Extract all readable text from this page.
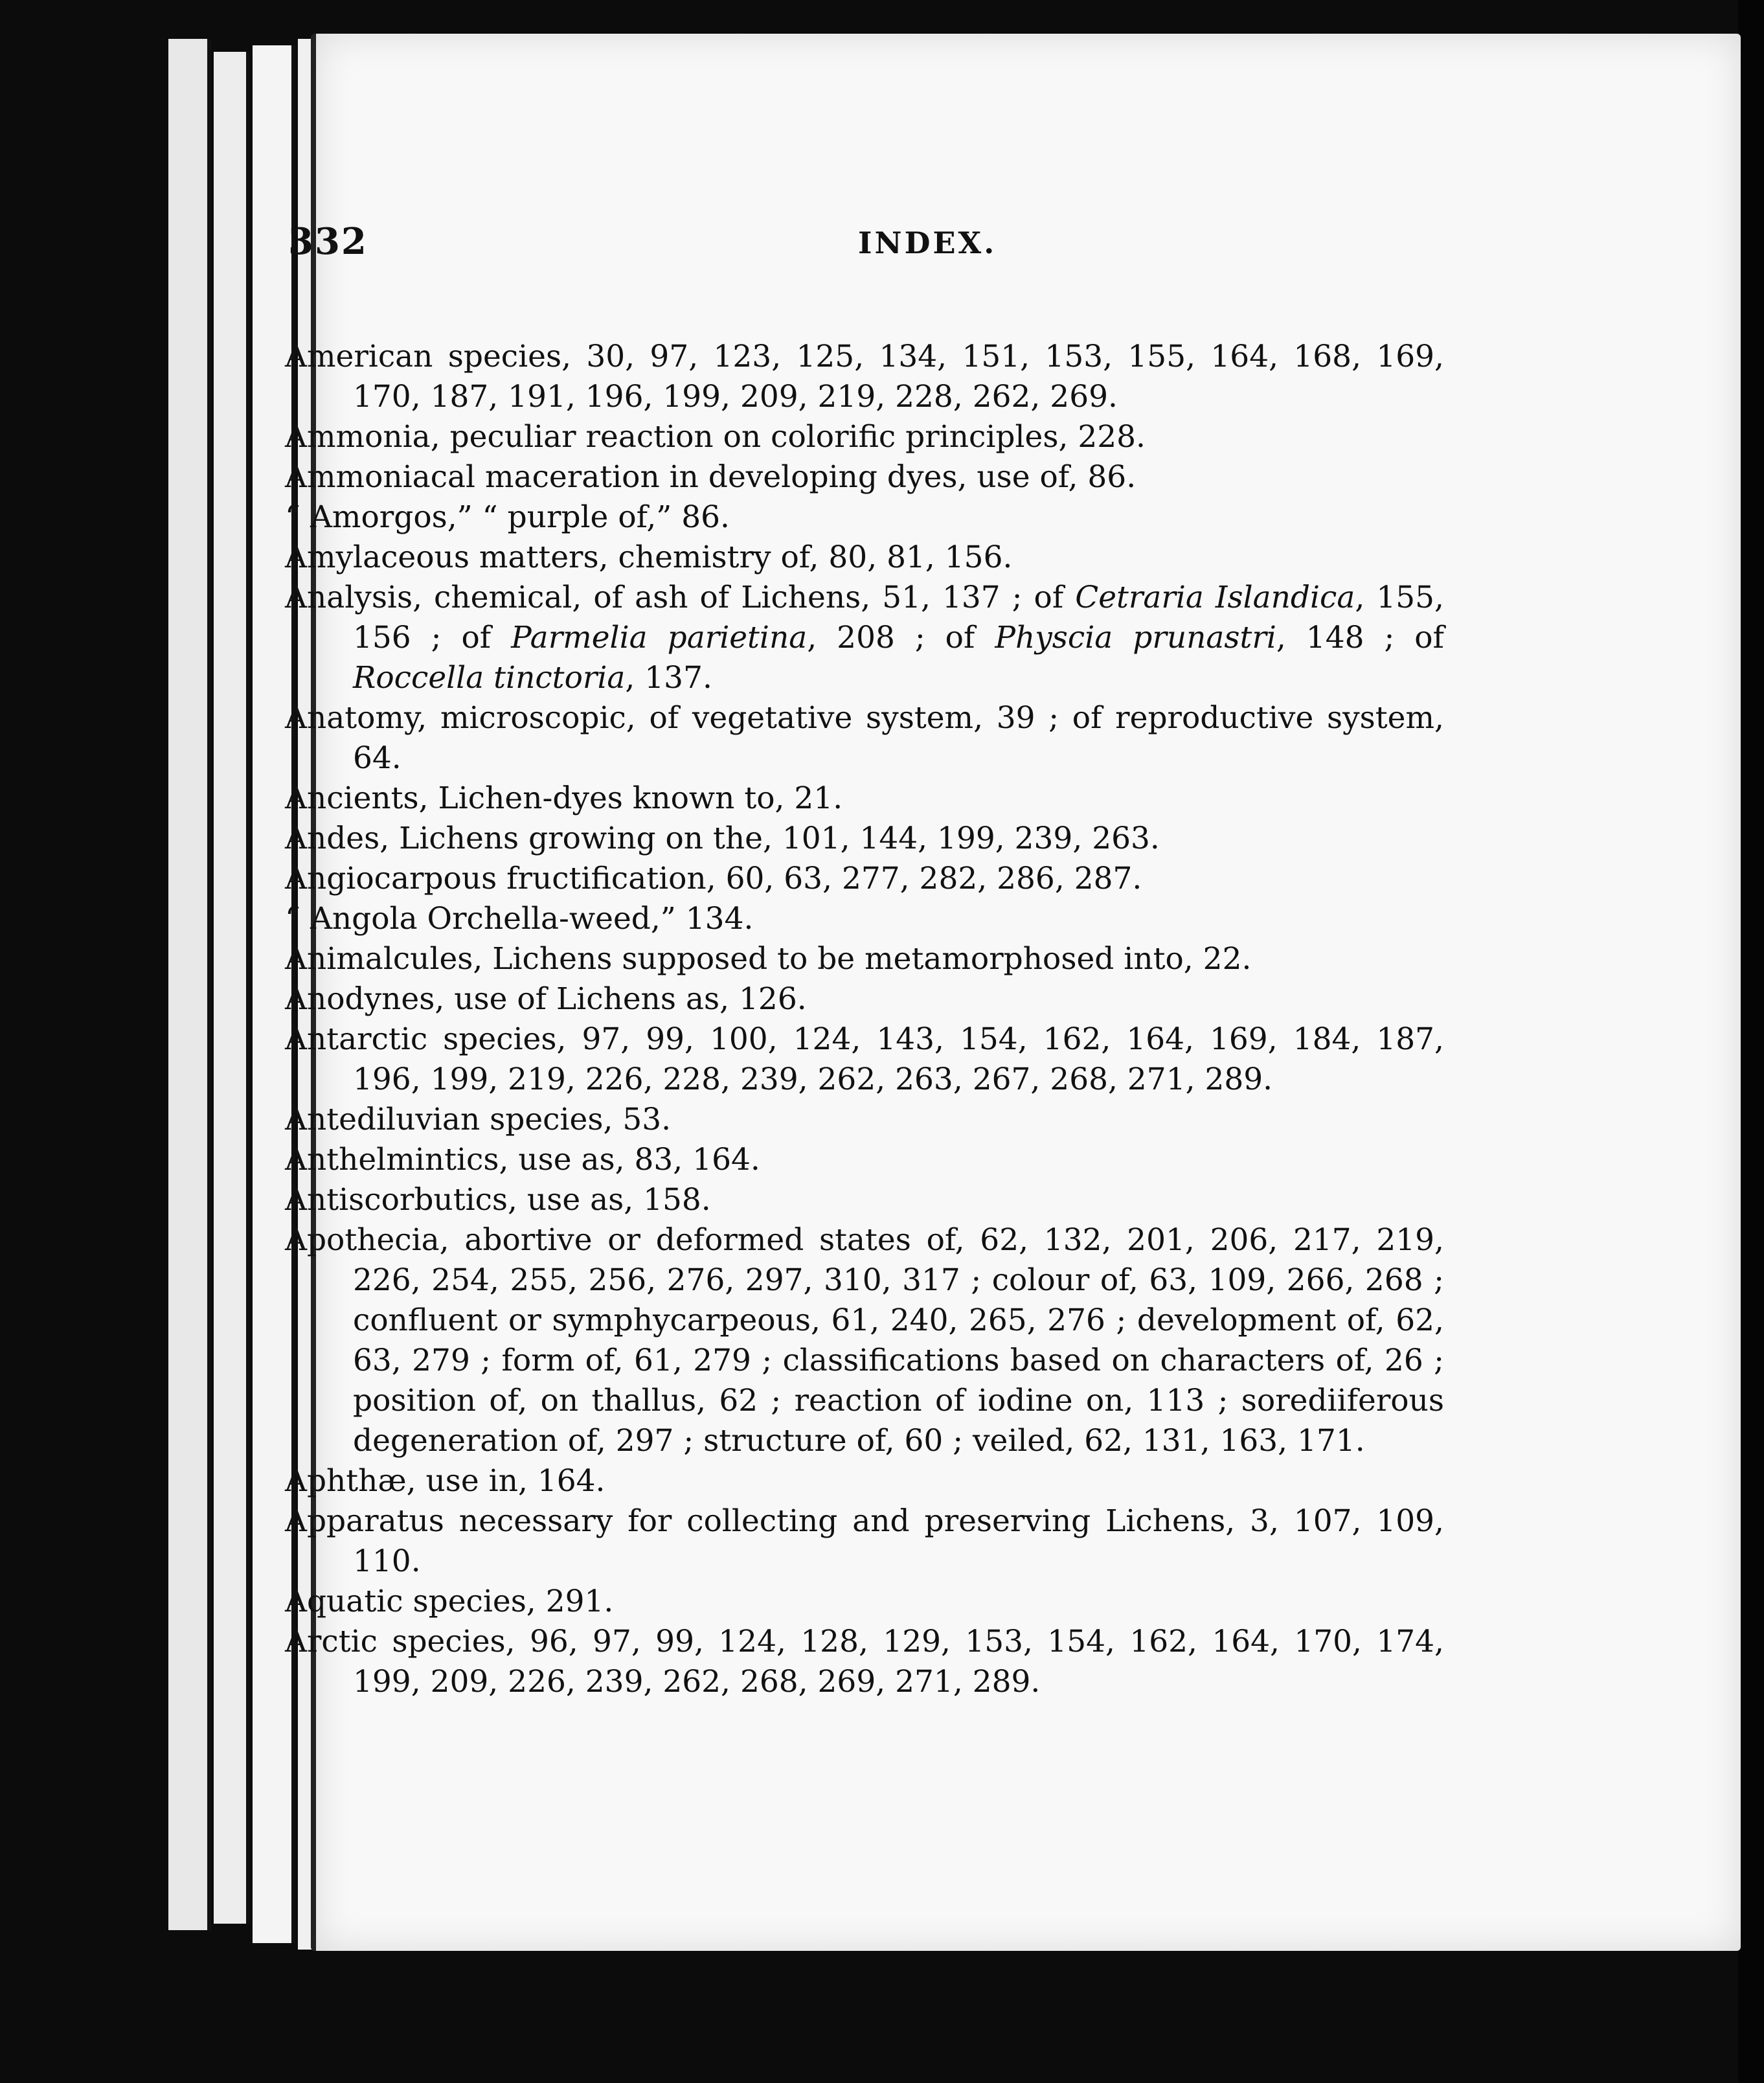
332	INDEX.

American species, 30, 97, 123, 125, 134, 151, 153, 155, 164, 168, 169, 170, 187, 191, 196, 199, 209, 219, 228, 262, 269.

Ammonia, peculiar reaction on colorific principles, 228.

Ammoniacal maceration in developing dyes, use of, 86.

“ Amorgos,” “ purple of,” 86.

Amylaceous matters, chemistry of, 80, 81, 156.

Analysis, chemical, of ash of Lichens, 51, 137 ; of Cetraria Islandica, 155, 156 ; of Parmelia parietina, 208 ; of Physcia prunastri, 148 ; of Roccella tinctoria, 137.

Anatomy, microscopic, of vegetative system, 39 ; of reproductive system, 64.

Ancients, Lichen-dyes known to, 21.

Andes, Lichens growing on the, 101, 144, 199, 239, 263.

Angiocarpous fructification, 60, 63, 277, 282, 286, 287.

“ Angola Orchella-weed,” 134.

Animalcules, Lichens supposed to be metamorphosed into, 22.

Anodynes, use of Lichens as, 126.

Antarctic species, 97, 99, 100, 124, 143, 154, 162, 164, 169, 184, 187, 196, 199, 219, 226, 228, 239, 262, 263, 267, 268, 271, 289.

Antediluvian species, 53.

Anthelmintics, use as, 83, 164.

Antiscorbutics, use as, 158.

Apothecia, abortive or deformed states of, 62, 132, 201, 206, 217, 219, 226, 254, 255, 256, 276, 297, 310, 317 ; colour of, 63, 109, 266, 268 ; confluent or symphycarpeous, 61, 240, 265, 276 ; development of, 62, 63, 279 ; form of, 61, 279 ; classifications based on characters of, 26 ; position of, on thallus, 62 ; reaction of iodine on, 113 ; sorediiferous degeneration of, 297 ; structure of, 60 ; veiled, 62, 131, 163, 171.

Aphthæ, use in, 164.

Apparatus necessary for collecting and preserving Lichens, 3, 107, 109, 110.

Aquatic species, 291.

Arctic species, 96, 97, 99, 124, 128, 129, 153, 154, 162, 164, 170, 174, 199, 209, 226, 239, 262, 268, 269, 271, 289.
